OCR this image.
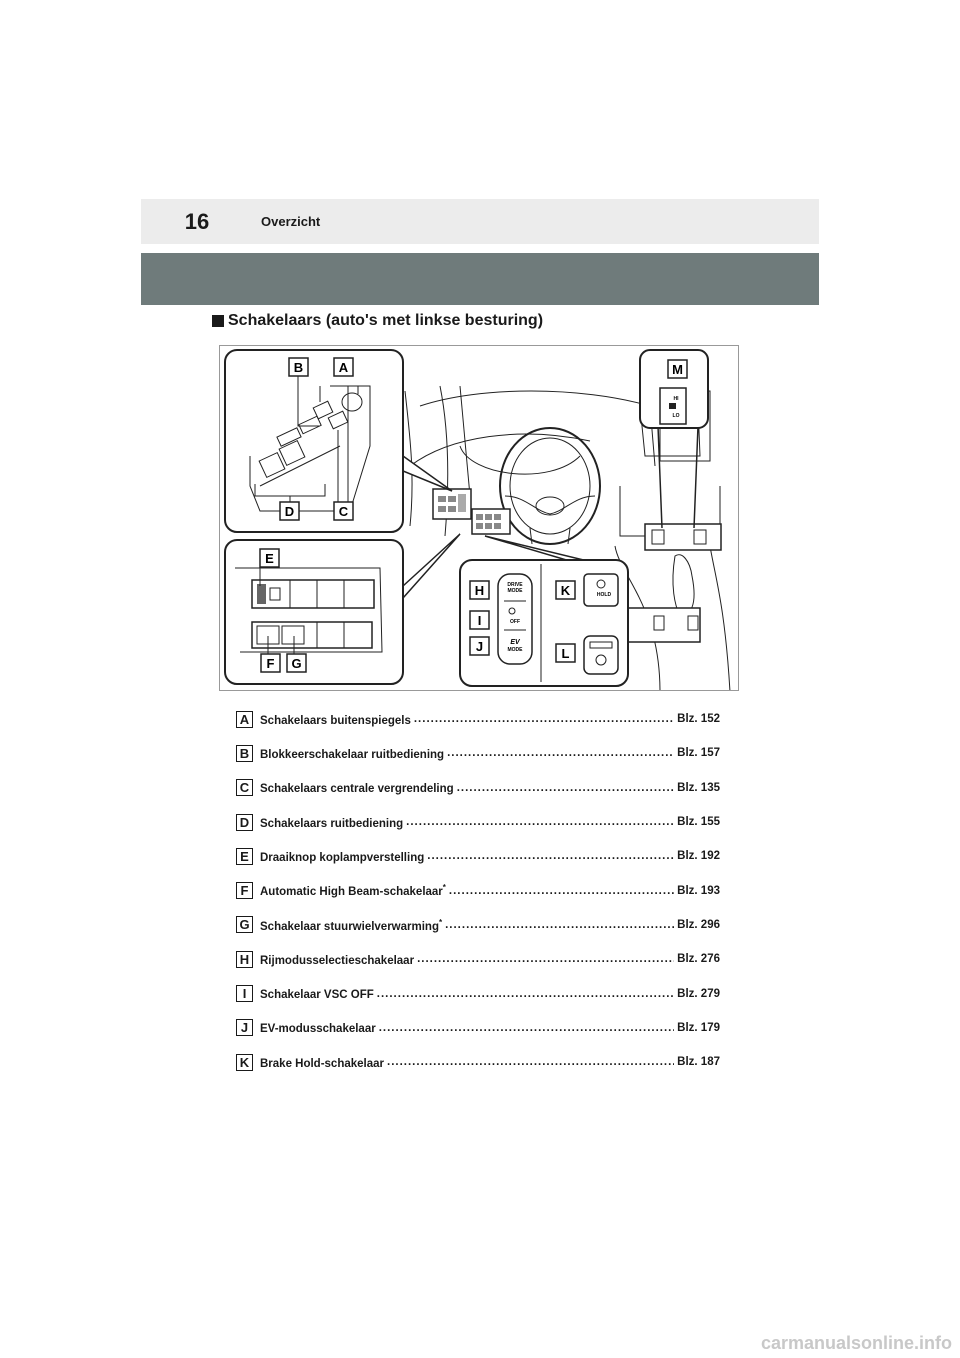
16	Overzicht
Schakelaars (auto's met linkse besturing)
DRIVE
MODE
OFF
EV
MODE
HOLD
HI
LO
B	A
D	C
E
F G
H
I
J
K
L
M
A Schakelaars buitenspiegels .....	Blz. 152
B Blokkeerschakelaar ruitbediening .....	Blz. 157
C Schakelaars centrale vergrendeling .....	Blz. 135
D Schakelaars ruitbediening .....	Blz. 155
E Draaiknop koplampverstelling .....	Blz. 192
F	Automatic High Beam-schakelaar* .....	Blz. 193
G Schakelaar stuurwielverwarming* .....	Blz. 296
H Rijmodusselectieschakelaar .....	Blz. 276
I	Schakelaar VSC OFF .....	Blz. 279
J	EV-modusschakelaar .....	Blz. 179
K Brake Hold-schakelaar .....	Blz. 187
carmanualsonline.info
